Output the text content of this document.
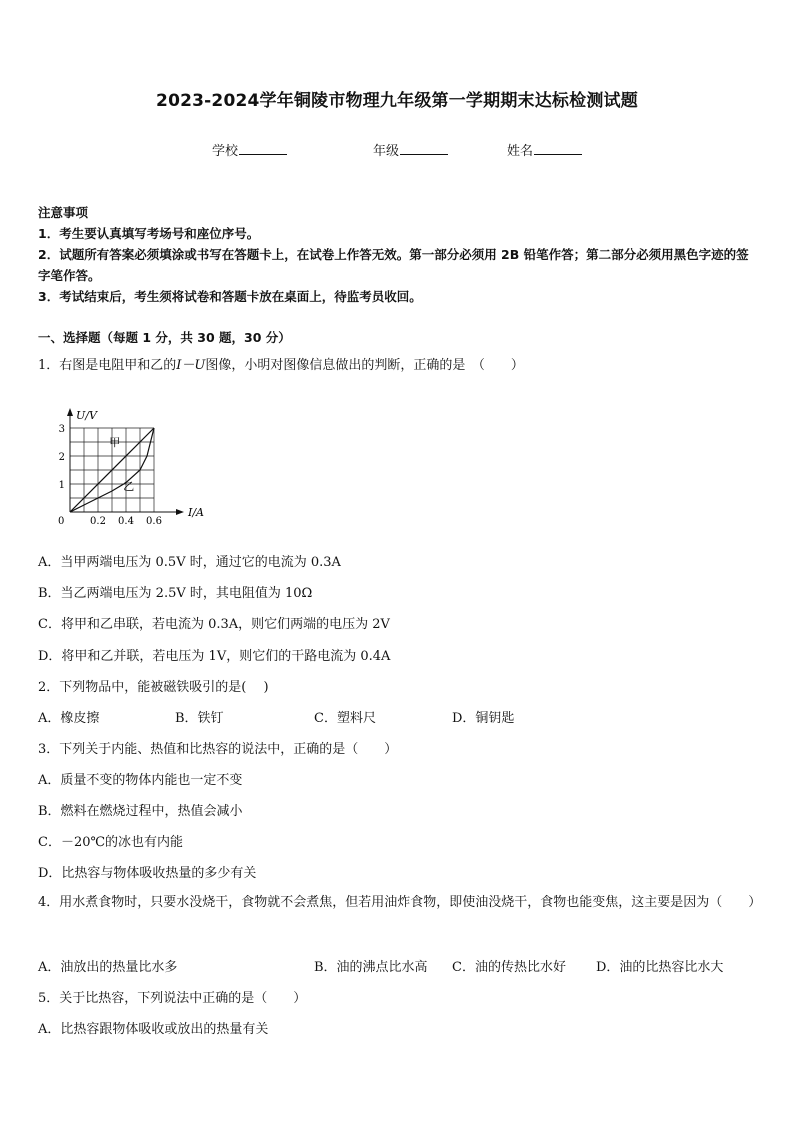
2023-2024学年铜陵市物理九年级第一学期期末达标检测试题
学校	年级	姓名
注意事项
1．考生要认真填写考场号和座位序号。
2．试题所有答案必须填涂或书写在答题卡上，在试卷上作答无效。第一部分必须用 2B 铅笔作答；第二部分必须用黑色字迹的签字笔作答。
3．考试结束后，考生须将试卷和答题卡放在桌面上，待监考员收回。
一、选择题（每题 1 分，共 30 题，30 分）
1．右图是电阻甲和乙的I－U图像，小明对图像信息做出的判断，正确的是　（　　）
I/A
U/V
0	0.2 0.4 0.6
1
2
3
甲
乙
A．当甲两端电压为 0.5V 时，通过它的电流为 0.3A
B．当乙两端电压为 2.5V 时，其电阻值为 10Ω
C．将甲和乙串联，若电流为 0.3A，则它们两端的电压为 2V
D．将甲和乙并联，若电压为 1V，则它们的干路电流为 0.4A
2．下列物品中，能被磁铁吸引的是(　 )
A．橡皮擦	B．铁钉	C．塑料尺	D．铜钥匙
3．下列关于内能、热值和比热容的说法中，正确的是（　　）
A．质量不变的物体内能也一定不变
B．燃料在燃烧过程中，热值会减小
C．－20℃的冰也有内能
D．比热容与物体吸收热量的多少有关
4．用水煮食物时，只要水没烧干，食物就不会煮焦，但若用油炸食物，即使油没烧干，食物也能变焦，这主要是因为（　　）
A．油放出的热量比水多	B．油的沸点比水高 C．油的传热比水好 D．油的比热容比水大
5．关于比热容，下列说法中正确的是（　　）
A．比热容跟物体吸收或放出的热量有关
